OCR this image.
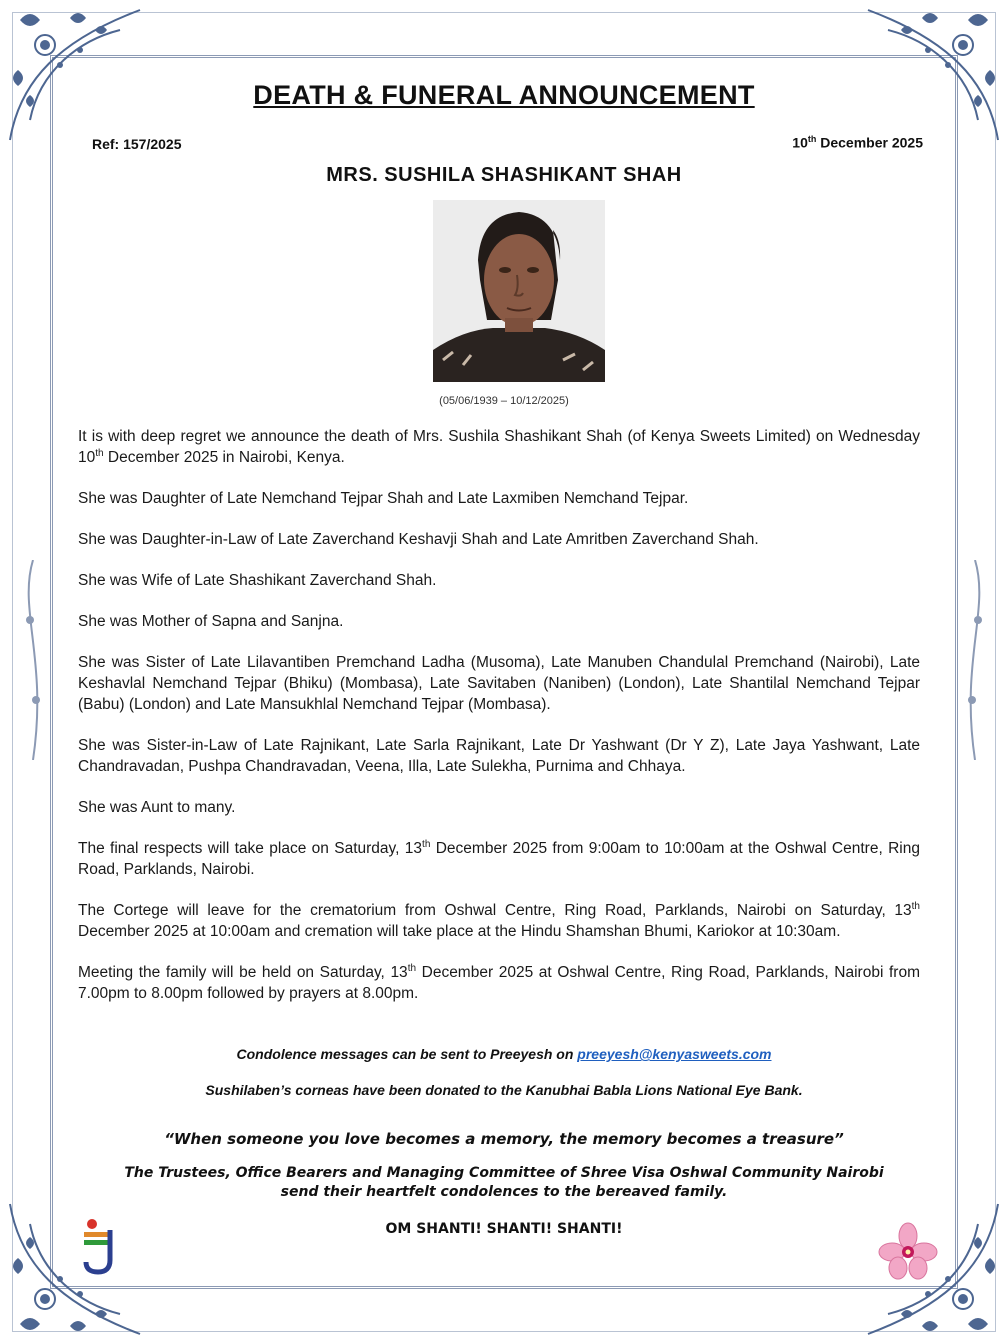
DEATH & FUNERAL ANNOUNCEMENT
Ref: 157/2025	10th December 2025
MRS. SUSHILA SHASHIKANT SHAH
(05/06/1939 – 10/12/2025)

It is with deep regret we announce the death of Mrs. Sushila Shashikant Shah (of Kenya Sweets Limited) on Wednesday 10th December 2025 in Nairobi, Kenya.

She was Daughter of Late Nemchand Tejpar Shah and Late Laxmiben Nemchand Tejpar.

She was Daughter-in-Law of Late Zaverchand Keshavji Shah and Late Amritben Zaverchand Shah.

She was Wife of Late Shashikant Zaverchand Shah.

She was Mother of Sapna and Sanjna.

She was Sister of Late Lilavantiben Premchand Ladha (Musoma), Late Manuben Chandulal Premchand (Nairobi), Late Keshavlal Nemchand Tejpar (Bhiku) (Mombasa), Late Savitaben (Naniben) (London), Late Shantilal Nemchand Tejpar (Babu) (London) and Late Mansukhlal Nemchand Tejpar (Mombasa).

She was Sister-in-Law of Late Rajnikant, Late Sarla Rajnikant, Late Dr Yashwant (Dr Y Z), Late Jaya Yashwant, Late Chandravadan, Pushpa Chandravadan, Veena, Illa, Late Sulekha, Purnima and Chhaya.

She was Aunt to many.

The final respects will take place on Saturday, 13th December 2025 from 9:00am to 10:00am at the Oshwal Centre, Ring Road, Parklands, Nairobi.

The Cortege will leave for the crematorium from Oshwal Centre, Ring Road, Parklands, Nairobi on Saturday, 13th December 2025 at 10:00am and cremation will take place at the Hindu Shamshan Bhumi, Kariokor at 10:30am.

Meeting the family will be held on Saturday, 13th December 2025 at Oshwal Centre, Ring Road, Parklands, Nairobi from 7.00pm to 8.00pm followed by prayers at 8.00pm.

Condolence messages can be sent to Preeyesh on preeyesh@kenyasweets.com
Sushilaben’s corneas have been donated to the Kanubhai Babla Lions National Eye Bank.
“When someone you love becomes a memory, the memory becomes a treasure”
The Trustees, Office Bearers and Managing Committee of Shree Visa Oshwal Community Nairobi
send their heartfelt condolences to the bereaved family.
OM SHANTI! SHANTI! SHANTI!
